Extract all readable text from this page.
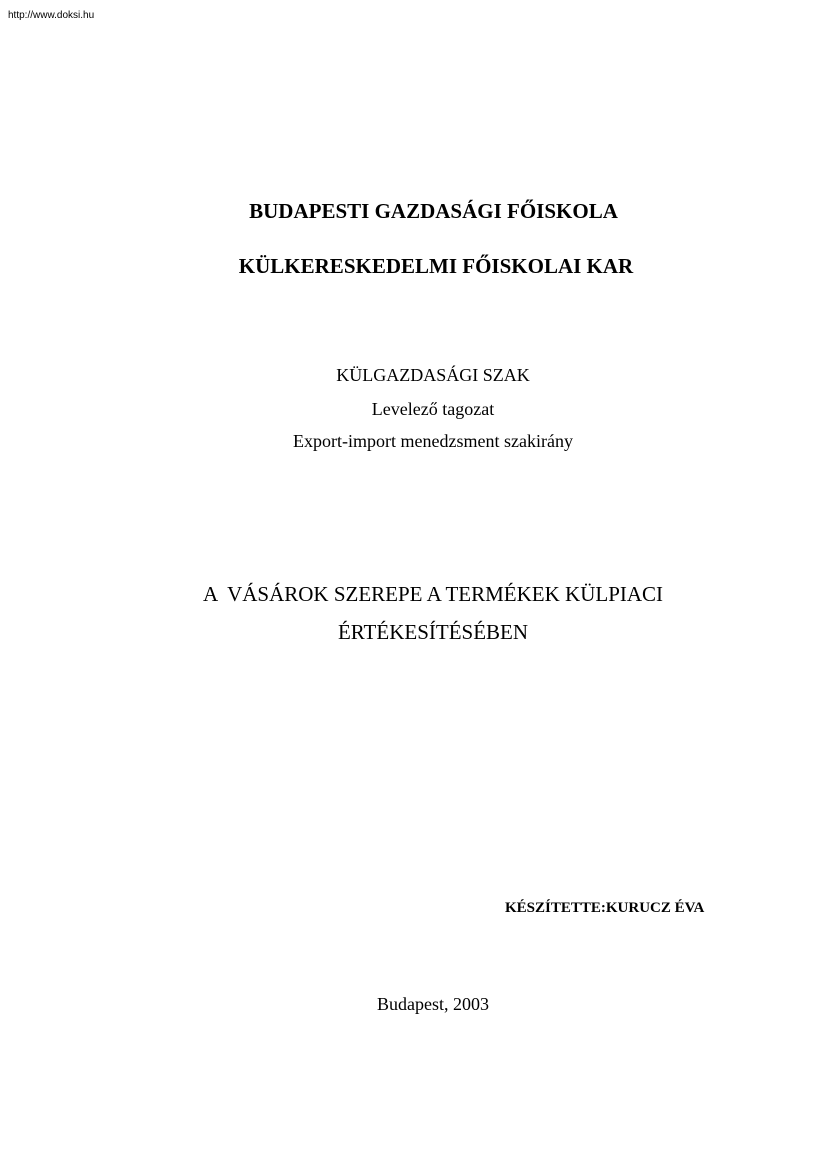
http://www.doksi.hu
BUDAPESTI GAZDASÁGI FŐISKOLA
KÜLKERESKEDELMI FŐISKOLAI KAR
KÜLGAZDASÁGI SZAK
Levelező tagozat
Export-import menedzsment szakirány
A  VÁSÁROK SZEREPE A TERMÉKEK KÜLPIACI
ÉRTÉKESÍTÉSÉBEN
KÉSZÍTETTE:KURUCZ ÉVA
Budapest, 2003
